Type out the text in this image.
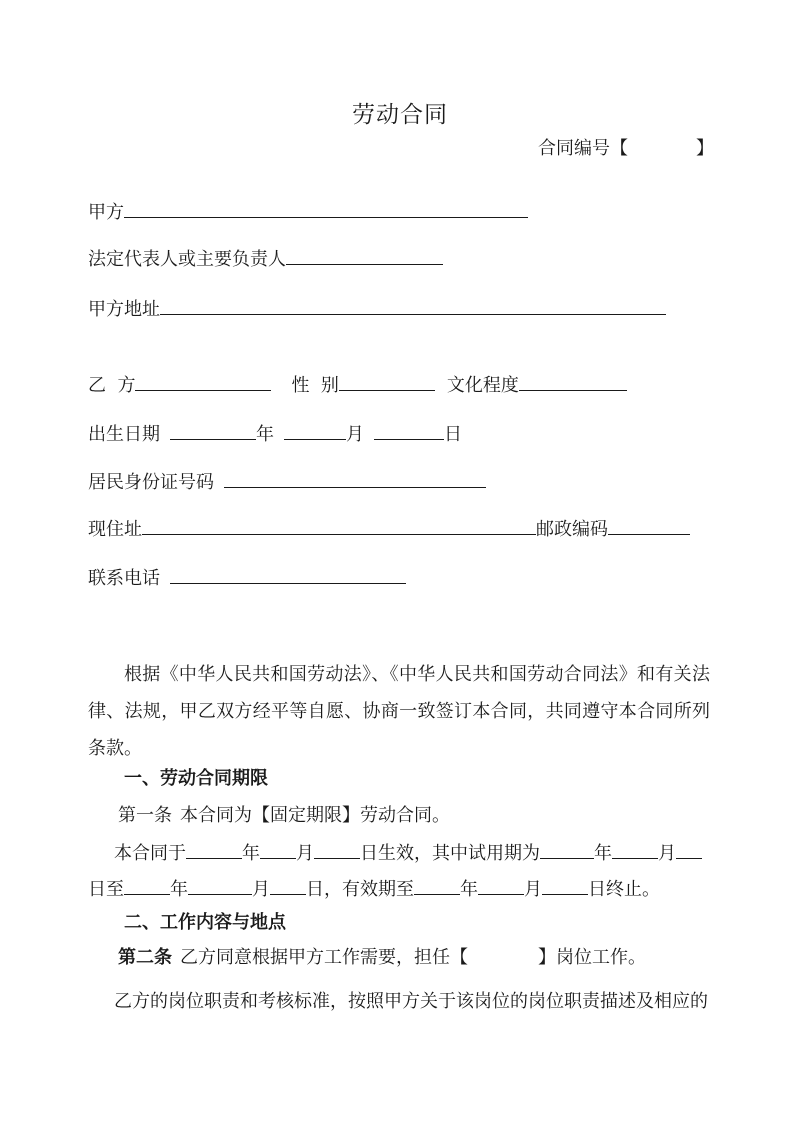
劳动合同
合同编号【	】
甲方
法定代表人或主要负责人
甲方地址
乙  方	性  别	文化程度
出生日期	年	月	日
居民身份证号码
现住址	邮政编码
联系电话
根据《中华人民共和国劳动法》、《中华人民共和国劳动合同法》和有关法律、法规，甲乙双方经平等自愿、协商一致签订本合同，共同遵守本合同所列条款。
一、劳动合同期限
第一条 本合同为【固定期限】劳动合同。
本合同于	年 月	日生效，其中试用期为	年	月
日至	年	月 日，有效期至	年	月	日终止。
二、工作内容与地点
第二条 乙方同意根据甲方工作需要，担任【	】岗位工作。
乙方的岗位职责和考核标准，按照甲方关于该岗位的岗位职责描述及相应的
